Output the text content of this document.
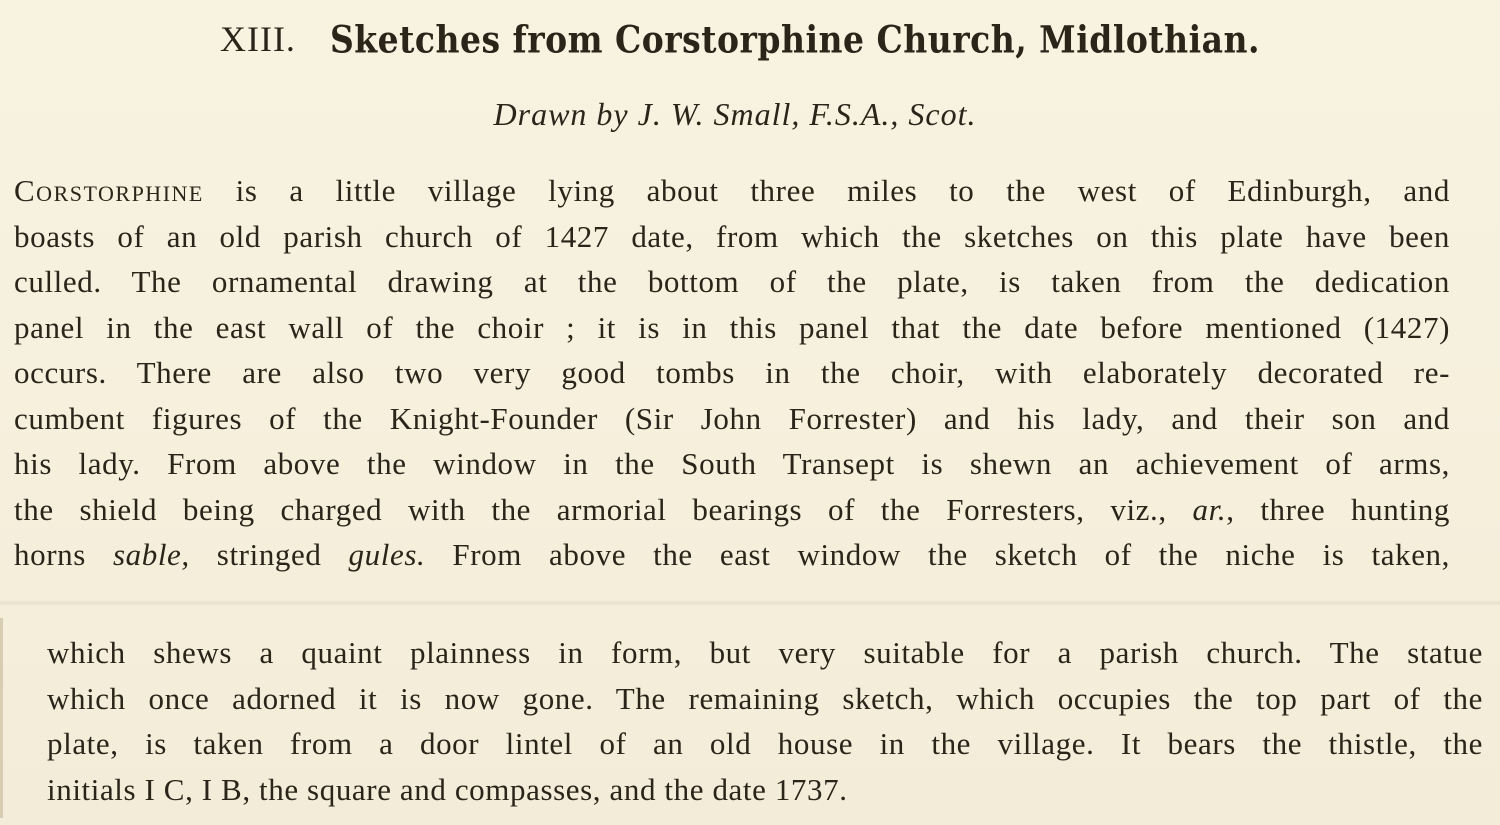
XIII. Sketches from Corstorphine Church, Midlothian.
Drawn by J. W. Small, F.S.A., Scot.
Corstorphine is a little village lying about three miles to the west of Edinburgh, and
boasts of an old parish church of 1427 date, from which the sketches on this plate have been
culled. The ornamental drawing at the bottom of the plate, is taken from the dedication
panel in the east wall of the choir ; it is in this panel that the date before mentioned (1427)
occurs. There are also two very good tombs in the choir, with elaborately decorated re-
cumbent figures of the Knight-Founder (Sir John Forrester) and his lady, and their son and
his lady. From above the window in the South Transept is shewn an achievement of arms,
the shield being charged with the armorial bearings of the Forresters, viz., ar., three hunting
horns sable, stringed gules. From above the east window the sketch of the niche is taken,
which shews a quaint plainness in form, but very suitable for a parish church. The statue
which once adorned it is now gone. The remaining sketch, which occupies the top part of the
plate, is taken from a door lintel of an old house in the village. It bears the thistle, the
initials I C, I B, the square and compasses, and the date 1737.
